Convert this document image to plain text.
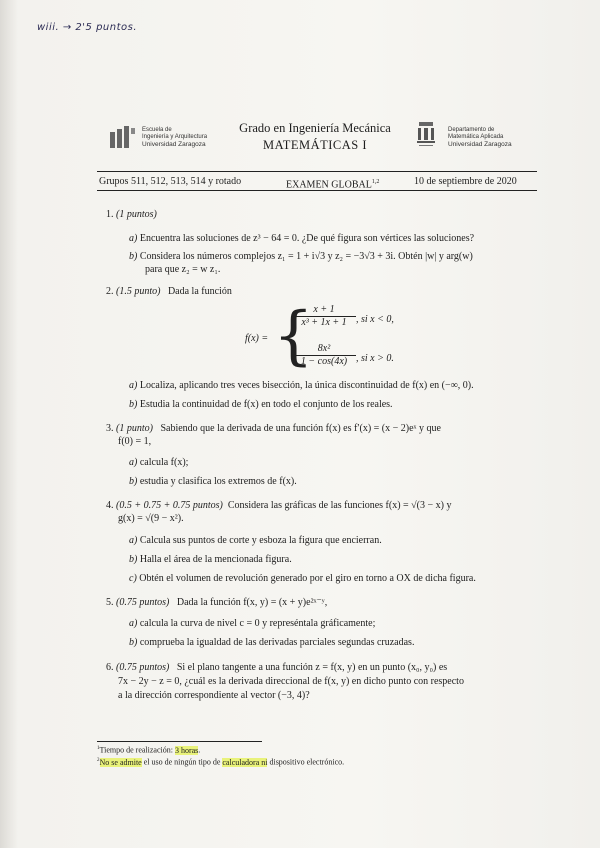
wiii. → 2'5 puntos.
Escuela de
Ingeniería y Arquitectura
Universidad Zaragoza
Grado en Ingeniería Mecánica
MATEMÁTICAS I
Departamento de
Matemática Aplicada
Universidad Zaragoza
Grupos 511, 512, 513, 514 y rotado	EXAMEN GLOBAL$^{1,2}$	10 de septiembre de 2020
1. (1 puntos)
a) Encuentra las soluciones de z³ − 64 = 0. ¿De qué figura son vértices las soluciones?
b) Considera los números complejos z₁ = 1 + i√3 y z₂ = −3√3 + 3i. Obtén |w| y arg(w)
para que z₂ = w z₁.
2. (1.5 punto) Dada la función
f(x) = {
$\frac{x + 1}{\text{x³ + 1x + 1}}$ , si x < 0,
$\frac{\text{8x²}}{1 - \cos(4x)}$ , si x > 0.
a) Localiza, aplicando tres veces bisección, la única discontinuidad de f(x) en (−∞, 0).
b) Estudia la continuidad de f(x) en todo el conjunto de los reales.
3. (1 punto) Sabiendo que la derivada de una función f(x) es f′(x) = (x − 2)eˣ y que
f(0) = 1,
a) calcula f(x);
b) estudia y clasifica los extremos de f(x).
4. (0.5 + 0.75 + 0.75 puntos) Considera las gráficas de las funciones f(x) = √(3 − x) y
g(x) = √(9 − x²).
a) Calcula sus puntos de corte y esboza la figura que encierran.
b) Halla el área de la mencionada figura.
c) Obtén el volumen de revolución generado por el giro en torno a OX de dicha figura.
5. (0.75 puntos) Dada la función f(x, y) = (x + y)e²ˣ⁻ʸ,
a) calcula la curva de nivel c = 0 y represéntala gráficamente;
b) comprueba la igualdad de las derivadas parciales segundas cruzadas.
6. (0.75 puntos) Si el plano tangente a una función z = f(x, y) en un punto (x₀, y₀) es
7x − 2y − z = 0, ¿cuál es la derivada direccional de f(x, y) en dicho punto con respecto
a la dirección correspondiente al vector (−3, 4)?
$^1$Tiempo de realización: 3 horas.
$^2$No se admite el uso de ningún tipo de calculadora ni dispositivo electrónico.
